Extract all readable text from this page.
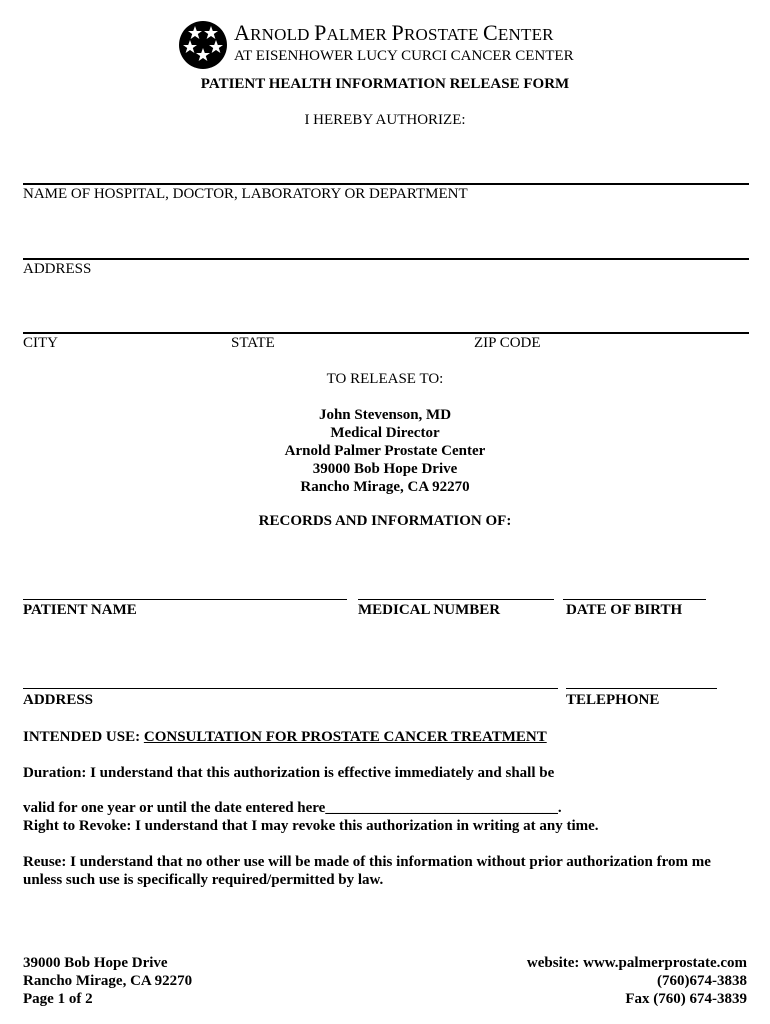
ARNOLD PALMER PROSTATE CENTER
AT EISENHOWER LUCY CURCI CANCER CENTER
PATIENT HEALTH INFORMATION RELEASE FORM
I HEREBY AUTHORIZE:
NAME OF HOSPITAL, DOCTOR, LABORATORY OR DEPARTMENT
ADDRESS
CITY	STATE	ZIP CODE
TO RELEASE TO:
John Stevenson, MD
Medical Director
Arnold Palmer Prostate Center
39000 Bob Hope Drive
Rancho Mirage, CA 92270
RECORDS AND INFORMATION OF:
PATIENT NAME	MEDICAL NUMBER	DATE OF BIRTH
ADDRESS	TELEPHONE
INTENDED USE: CONSULTATION FOR PROSTATE CANCER TREATMENT
Duration: I understand that this authorization is effective immediately and shall be
valid for one year or until the date entered here_______________________________.
Right to Revoke: I understand that I may revoke this authorization in writing at any time.
Reuse: I understand that no other use will be made of this information without prior authorization from me
unless such use is specifically required/permitted by law.
39000 Bob Hope Drive
Rancho Mirage, CA 92270
Page 1 of 2
website: www.palmerprostate.com
(760)674-3838
Fax (760) 674-3839
